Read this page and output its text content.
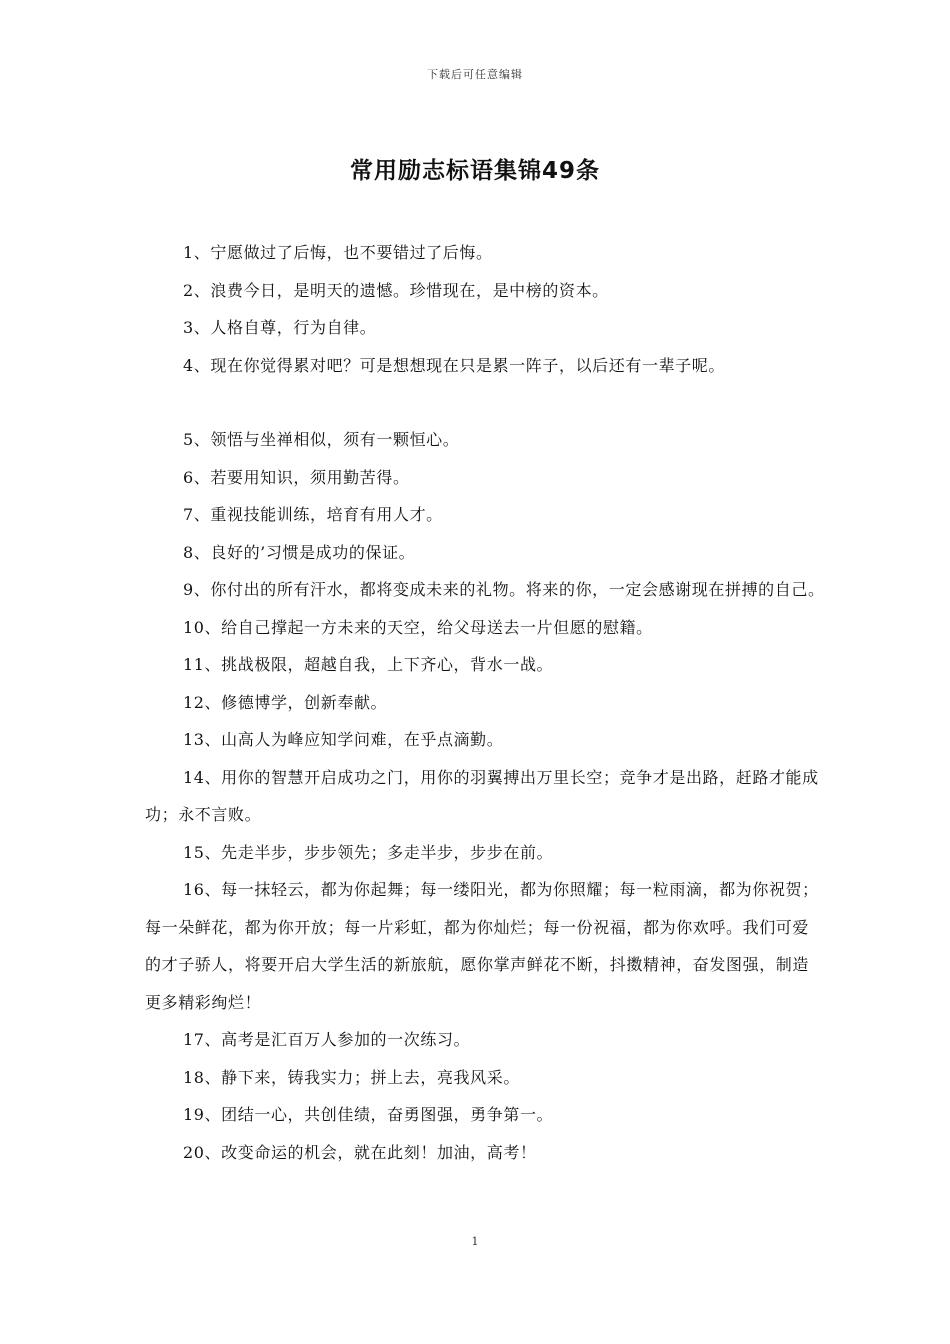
下载后可任意编辑
常用励志标语集锦49条

1、宁愿做过了后悔，也不要错过了后悔。

2、浪费今日，是明天的遗憾。珍惜现在，是中榜的资本。

3、人格自尊，行为自律。

4、现在你觉得累对吧？可是想想现在只是累一阵子，以后还有一辈子呢。

5、领悟与坐禅相似，须有一颗恒心。

6、若要用知识，须用勤苦得。

7、重视技能训练，培育有用人才。

8、良好的’习惯是成功的保证。

9、你付出的所有汗水，都将变成未来的礼物。将来的你，一定会感谢现在拼搏的自己。

10、给自己撑起一方未来的天空，给父母送去一片但愿的慰籍。

11、挑战极限，超越自我，上下齐心，背水一战。

12、修德博学，创新奉献。

13、山高人为峰应知学问难，在乎点滴勤。

14、用你的智慧开启成功之门，用你的羽翼搏出万里长空；竞争才是出路，赶路才能成功；永不言败。

15、先走半步，步步领先；多走半步，步步在前。

16、每一抹轻云，都为你起舞；每一缕阳光，都为你照耀；每一粒雨滴，都为你祝贺；每一朵鲜花，都为你开放；每一片彩虹，都为你灿烂；每一份祝福，都为你欢呼。我们可爱的才子骄人，将要开启大学生活的新旅航，愿你掌声鲜花不断，抖擞精神，奋发图强，制造更多精彩绚烂！

17、高考是汇百万人参加的一次练习。

18、静下来，铸我实力；拼上去，亮我风采。

19、团结一心，共创佳绩，奋勇图强，勇争第一。

20、改变命运的机会，就在此刻！加油，高考！

1
